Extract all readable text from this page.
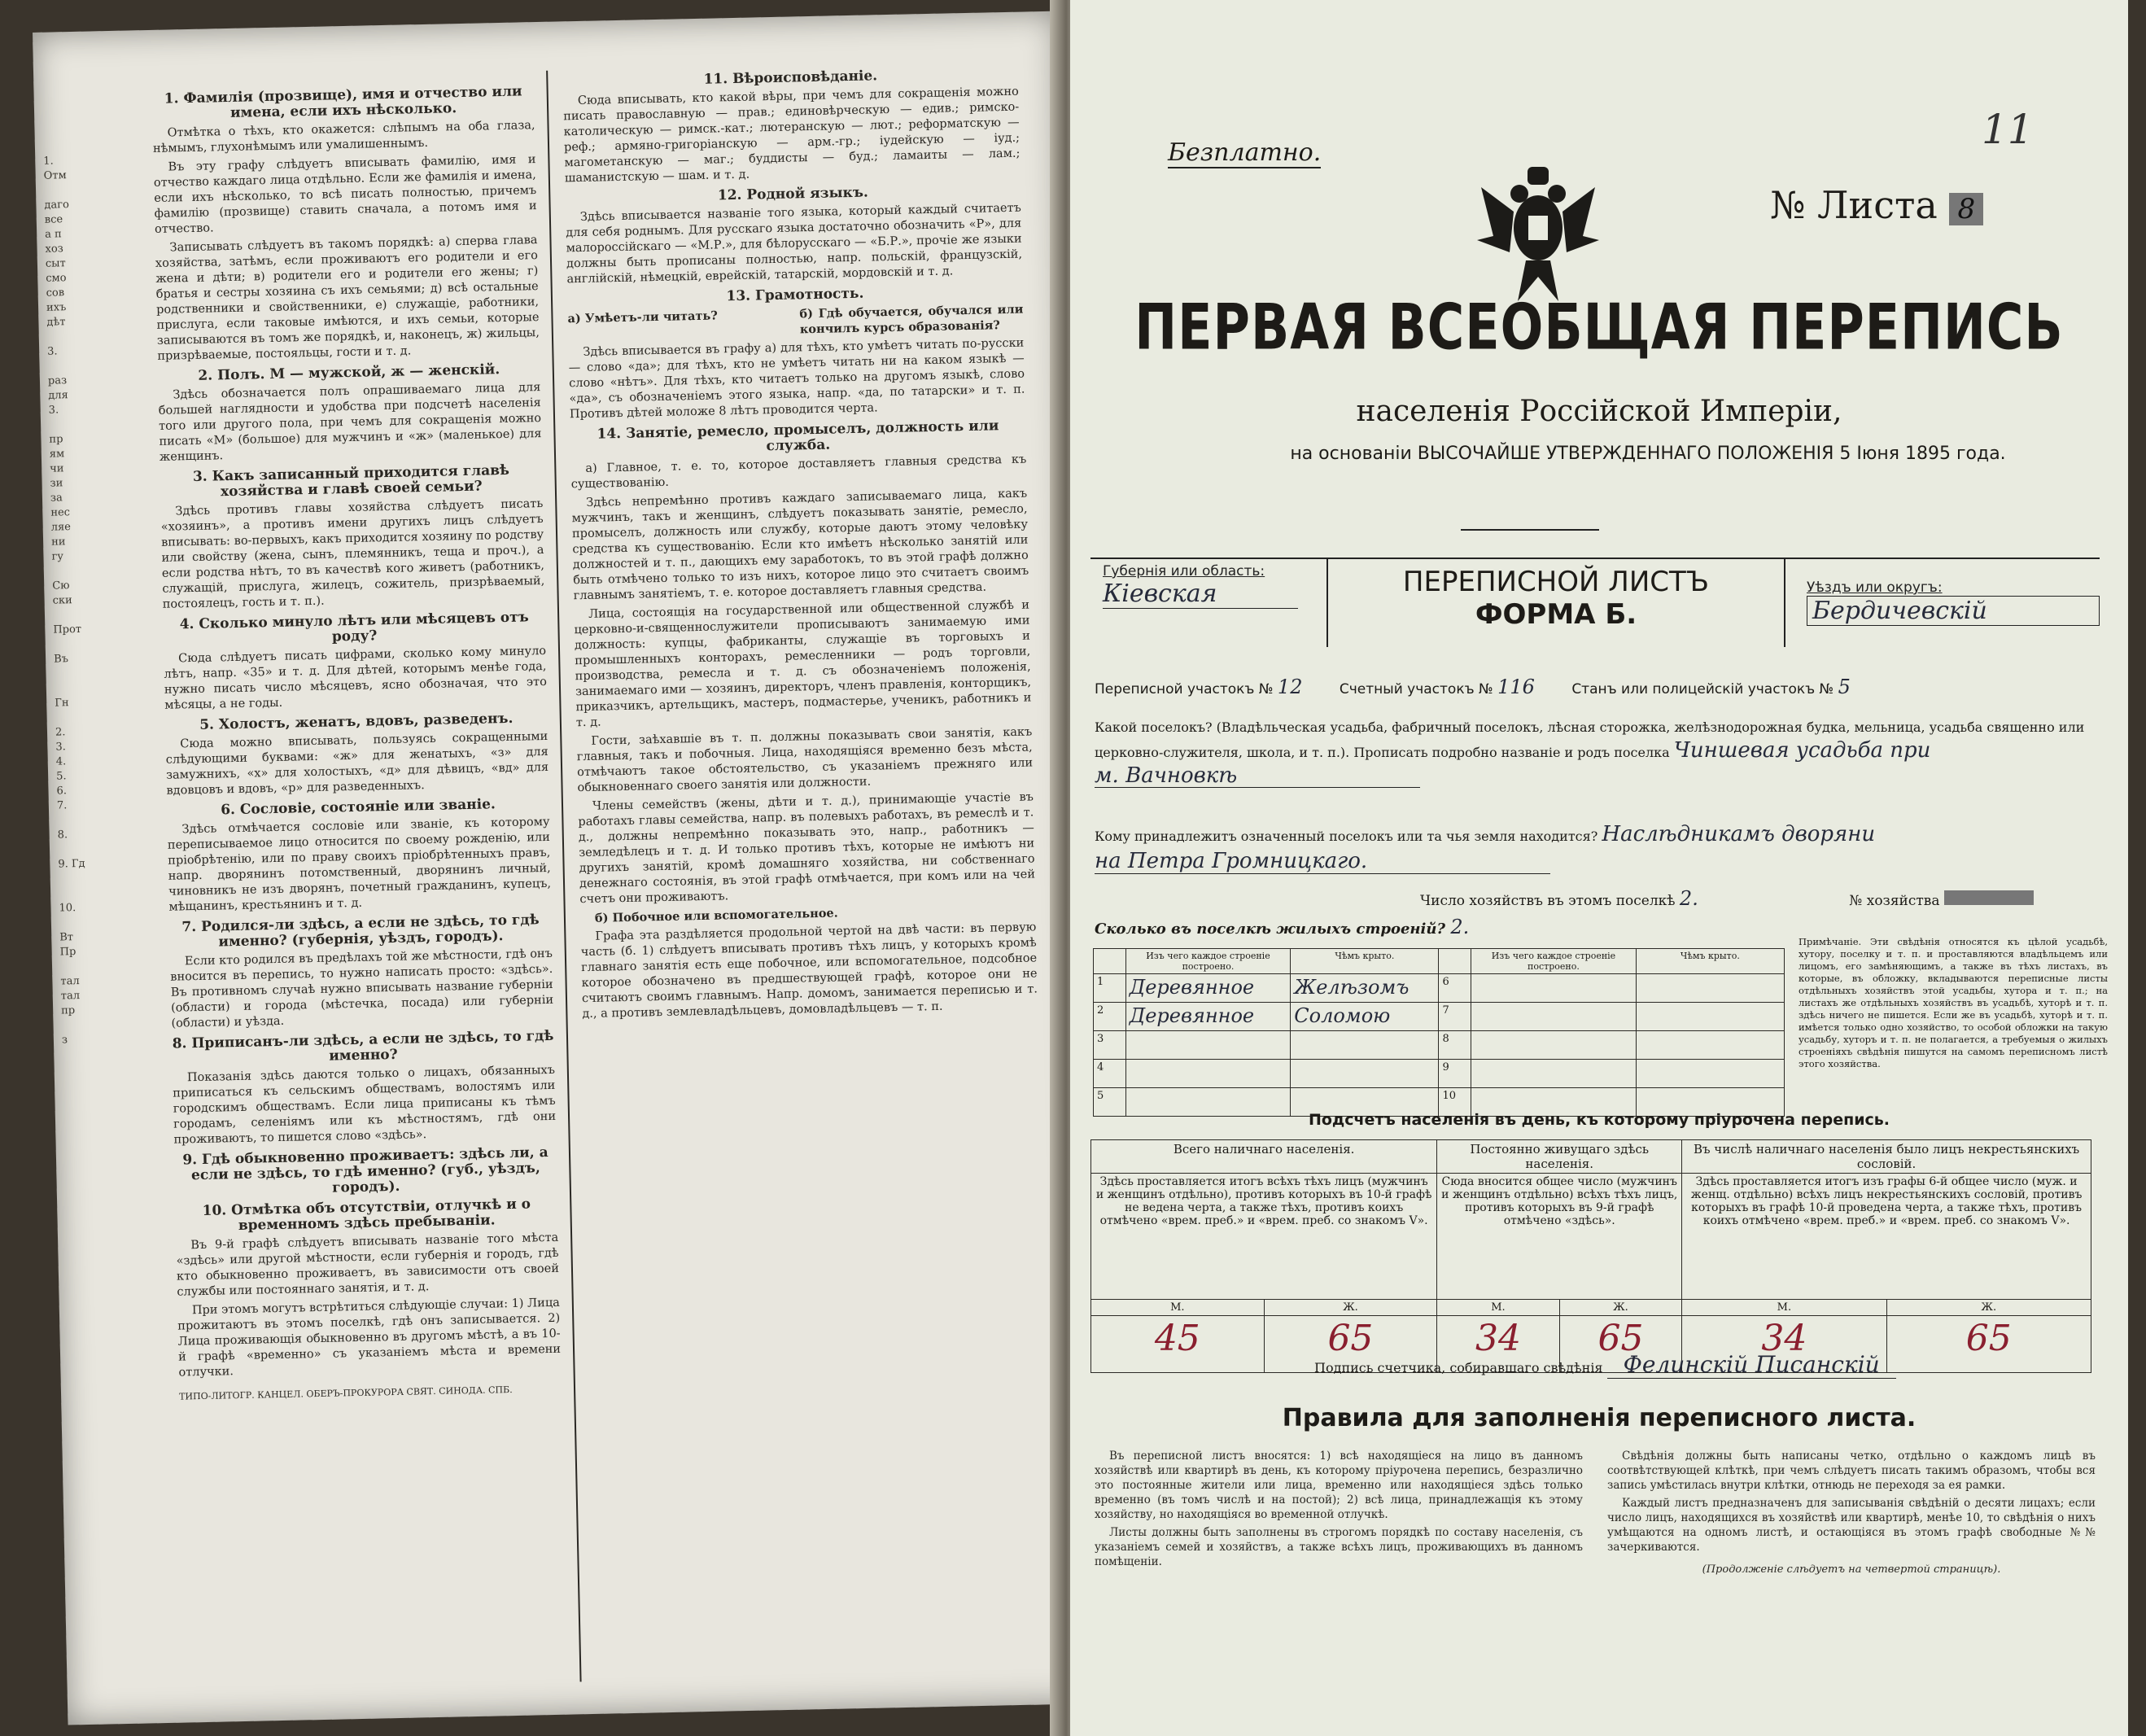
1.
Отм
даго
все
а п
хоз
сыт
смо
сов
ихъ
дѣт
3.
раз
для
3.
пр
ям
чи
зи
за
нес
ляе
ни
гу
Сю
ски
Прот
Въ
Гн
2.
3.
4.
5.
6.
7.
8.
9. Гд
10.
Вт
Пр
тал
тал
пр
з
1. Фамилія (прозвище), имя и отчество или имена, если ихъ нѣсколько.

Отмѣтка о тѣхъ, кто окажется: слѣпымъ на оба глаза, нѣмымъ, глухонѣмымъ или умалишеннымъ.

Въ эту графу слѣдуетъ вписывать фамилію, имя и отчество каждаго лица отдѣльно. Если же фамилія и имена, если ихъ нѣсколько, то всѣ писать полностью, причемъ фамилію (прозвище) ставить сначала, а потомъ имя и отчество.

Записывать слѣдуетъ въ такомъ порядкѣ: а) сперва глава хозяйства, затѣмъ, если проживаютъ его родители и его жена и дѣти; в) родители его и родители его жены; г) братья и сестры хозяина съ ихъ семьями; д) всѣ остальные родственники и свойственники, е) служащіе, работники, прислуга, если таковые имѣются, и ихъ семьи, которые записываются въ томъ же порядкѣ, и, наконецъ, ж) жильцы, призрѣваемые, постояльцы, гости и т. д.

2. Полъ. М — мужской, ж — женскій.

Здѣсь обозначается полъ опрашиваемаго лица для большей наглядности и удобства при подсчетѣ населенія того или другого пола, при чемъ для сокращенія можно писать «М» (большое) для мужчинъ и «ж» (маленькое) для женщинъ.

3. Какъ записанный приходится главѣ хозяйства и главѣ своей семьи?

Здѣсь противъ главы хозяйства слѣдуетъ писать «хозяинъ», а противъ имени другихъ лицъ слѣдуетъ вписывать: во-первыхъ, какъ приходится хозяину по родству или свойству (жена, сынъ, племянникъ, теща и проч.), а если родства нѣтъ, то въ качествѣ кого живетъ (работникъ, служащій, прислуга, жилецъ, сожитель, призрѣваемый, постоялецъ, гость и т. п.).

4. Сколько минуло лѣтъ или мѣсяцевъ отъ роду?

Сюда слѣдуетъ писать цифрами, сколько кому минуло лѣтъ, напр. «35» и т. д. Для дѣтей, которымъ менѣе года, нужно писать число мѣсяцевъ, ясно обозначая, что это мѣсяцы, а не годы.

5. Холостъ, женатъ, вдовъ, разведенъ.

Сюда можно вписывать, пользуясь сокращенными слѣдующими буквами: «ж» для женатыхъ, «з» для замужнихъ, «х» для холостыхъ, «д» для дѣвицъ, «вд» для вдовцовъ и вдовъ, «р» для разведенныхъ.

6. Сословіе, состояніе или званіе.

Здѣсь отмѣчается сословіе или званіе, къ которому переписываемое лицо относится по своему рожденію, или пріобрѣтенію, или по праву своихъ пріобрѣтенныхъ правъ, напр. дворянинъ потомственный, дворянинъ личный, чиновникъ не изъ дворянъ, почетный гражданинъ, купецъ, мѣщанинъ, крестьянинъ и т. д.

7. Родился-ли здѣсь, а если не здѣсь, то гдѣ именно? (губернія, уѣздъ, городъ).

Если кто родился въ предѣлахъ той же мѣстности, гдѣ онъ вносится въ перепись, то нужно написать просто: «здѣсь». Въ противномъ случаѣ нужно вписывать название губерніи (области) и города (мѣстечка, посада) или губерніи (области) и уѣзда.

8. Приписанъ-ли здѣсь, а если не здѣсь, то гдѣ именно?

Показанія здѣсь даются только о лицахъ, обязанныхъ приписаться къ сельскимъ обществамъ, волостямъ или городскимъ обществамъ. Если лица приписаны къ тѣмъ городамъ, селеніямъ или къ мѣстностямъ, гдѣ они проживаютъ, то пишется слово «здѣсь».

9. Гдѣ обыкновенно проживаетъ: здѣсь ли, а если не здѣсь, то гдѣ именно? (губ., уѣздъ, городъ).
10. Отмѣтка объ отсутствіи, отлучкѣ и о временномъ здѣсь пребываніи.

Въ 9-й графѣ слѣдуетъ вписывать названіе того мѣста «здѣсь» или другой мѣстности, если губернія и городъ, гдѣ кто обыкновенно проживаетъ, въ зависимости отъ своей службы или постояннаго занятія, и т. д.

При этомъ могутъ встрѣтиться слѣдующіе случаи: 1) Лица прожитаютъ въ этомъ поселкѣ, гдѣ онъ записывается. 2) Лица проживающія обыкновенно въ другомъ мѣстѣ, а въ 10-й графѣ «временно» съ указаніемъ мѣста и времени отлучки.

ТИПО-ЛИТОГР. КАНЦЕЛ. ОБЕРЪ-ПРОКУРОРА СВЯТ. СИНОДА. СПБ.
11. Вѣроисповѣданіе.

Сюда вписывать, кто какой вѣры, при чемъ для сокращенія можно писать православную — прав.; единовѣрческую — едив.; римско-католическую — римск.-кат.; лютеранскую — лют.; реформатскую — реф.; армяно-григоріанскую — арм.-гр.; іудейскую — іуд.; магометанскую — маг.; буддисты — буд.; ламаиты — лам.; шаманистскую — шам. и т. д.

12. Родной языкъ.

Здѣсь вписывается названіе того языка, который каждый считаетъ для себя роднымъ. Для русскаго языка достаточно обозначить «Р», для малороссійскаго — «М.Р.», для бѣлорусскаго — «Б.Р.», прочіе же языки должны быть прописаны полностью, напр. польскій, французскій, англійскій, нѣмецкій, еврейскій, татарскій, мордовскій и т. д.

13. Грамотность.
а) Умѣетъ-ли читать?	б) Гдѣ обучается, обучался или кончилъ курсъ образованія?

Здѣсь вписывается въ графу а) для тѣхъ, кто умѣетъ читать по-русски — слово «да»; для тѣхъ, кто не умѣетъ читать ни на каком языкѣ — слово «нѣтъ». Для тѣхъ, кто читаетъ только на другомъ языкѣ, слово «да», съ обозначеніемъ этого языка, напр. «да, по татарски» и т. п. Противъ дѣтей моложе 8 лѣтъ проводится черта.

14. Занятіе, ремесло, промыселъ, должность или служба.

а) Главное, т. е. то, которое доставляетъ главныя средства къ существованію.

Здѣсь непремѣнно противъ каждаго записываемаго лица, какъ мужчинъ, такъ и женщинъ, слѣдуетъ показывать занятіе, ремесло, промыселъ, должность или службу, которые даютъ этому человѣку средства къ существованію. Если кто имѣетъ нѣсколько занятій или должностей и т. п., дающихъ ему заработокъ, то въ этой графѣ должно быть отмѣчено только то изъ нихъ, которое лицо это считаетъ своимъ главнымъ занятіемъ, т. е. которое доставляетъ главныя средства.

Лица, состоящія на государственной или общественной службѣ и церковно-и-священнослужители прописываютъ занимаемую ими должность: купцы, фабриканты, служащіе въ торговыхъ и промышленныхъ конторахъ, ремесленники — родъ торговли, производства, ремесла и т. д. съ обозначеніемъ положенія, занимаемаго ими — хозяинъ, директоръ, членъ правленія, конторщикъ, приказчикъ, артельщикъ, мастеръ, подмастерье, ученикъ, работникъ и т. д.

Гости, заѣхавшіе въ т. п. должны показывать свои занятія, какъ главныя, такъ и побочныя. Лица, находящіяся временно безъ мѣста, отмѣчаютъ такое обстоятельство, съ указаніемъ прежняго или обыкновеннаго своего занятія или должности.

Члены семействъ (жены, дѣти и т. д.), принимающіе участіе въ работахъ главы семейства, напр. въ полевыхъ работахъ, въ ремеслѣ и т. д., должны непремѣнно показывать это, напр., работникъ — земледѣлецъ и т. д. И только противъ тѣхъ, которые не имѣютъ ни другихъ занятій, кромѣ домашняго хозяйства, ни собственнаго денежнаго состоянія, въ этой графѣ отмѣчается, при комъ или на чей счетъ они проживаютъ.

б) Побочное или вспомогательное.

Графа эта раздѣляется продольной чертой на двѣ части: въ первую часть (б. 1) слѣдуетъ вписывать противъ тѣхъ лицъ, у которыхъ кромѣ главнаго занятія есть еще побочное, или вспомогательное, подсобное которое обозначено въ предшествующей графѣ, которое они не считаютъ своимъ главнымъ. Напр. домомъ, занимается переписью и т. д., а противъ землевладѣльцевъ, домовладѣльцевъ — т. п.

Безплатно.	11
№ Листа 8
ПЕРВАЯ ВСЕОБЩАЯ ПЕРЕПИСЬ
населенія Россійской Имперіи,
на основаніи ВЫСОЧАЙШЕ УТВЕРЖДЕННАГО ПОЛОЖЕНІЯ 5 Іюня 1895 года.
Губернія или область:
Кіевская	ПЕРЕПИСНОЙ ЛИСТЪ
ФОРМА Б.
Уѣздъ или округъ:
Бердичевскій
Переписной участокъ № 12	Счетный участокъ № 116	Станъ или полицейскій участокъ № 5
Какой поселокъ? (Владѣльческая усадьба, фабричный поселокъ, лѣсная сторожка, желѣзнодорожная будка, мельница, усадьба священно или церковно-служителя, школа, и т. п.). Прописать подробно названіе и родъ поселка Чиншевая усадьба при
м. Вачновкѣ
Кому принадлежитъ означенный поселокъ или та чья земля находится? Наслѣдникамъ дворяни
на Петра Громницкаго.
Число хозяйствъ въ этомъ поселкѣ 2.	№ хозяйства
Сколько въ поселкѣ жилыхъ строеній? 2.
	Изъ чего каждое строеніе построено.	Чѣмъ крыто.		Изъ чего каждое строеніе построено.	Чѣмъ крыто.
1	Деревянное	Желѣзомъ	6		
2	Деревянное	Соломою	7		
3			8		
4			9		
5			10		
Примѣчаніе. Эти свѣдѣнія относятся къ цѣлой усадьбѣ, хутору, поселку и т. п. и проставляются владѣльцемъ или лицомъ, его замѣняющимъ, а также въ тѣхъ листахъ, въ которые, въ обложку, вкладываются переписные листы отдѣльныхъ хозяйствъ этой усадьбы, хутора и т. п.; на листахъ же отдѣльныхъ хозяйствъ въ усадьбѣ, хуторѣ и т. п. здѣсь ничего не пишется. Если же въ усадьбѣ, хуторѣ и т. п. имѣется только одно хозяйство, то особой обложки на такую усадьбу, хуторъ и т. п. не полагается, а требуемыя о жилыхъ строеніяхъ свѣдѣнія пишутся на самомъ переписномъ листѣ этого хозяйства.
Подсчетъ населенія въ день, къ которому пріурочена перепись.
Всего наличнаго населенія.		Постоянно живущаго здѣсь населенія.		Въ числѣ наличнаго населенія было лицъ некрестьянскихъ сословій.	
Здѣсь проставляется итогъ всѣхъ тѣхъ лицъ (мужчинъ и женщинъ отдѣльно), противъ которыхъ въ 10-й графѣ не ведена черта, а также тѣхъ, противъ коихъ отмѣчено «врем. преб.» и «врем. преб. со знакомъ V».		Сюда вносится общее число (мужчинъ и женщинъ отдѣльно) всѣхъ тѣхъ лицъ, противъ которыхъ въ 9-й графѣ отмѣчено «здѣсь».		Здѣсь проставляется итогъ изъ графы 6-й общее число (муж. и женщ. отдѣльно) всѣхъ лицъ некрестьянскихъ сословій, противъ которыхъ въ графѣ 10-й проведена черта, а также тѣхъ, противъ коихъ отмѣчено «врем. преб.» и «врем. преб. со знакомъ V».	
М.	Ж.	М.	Ж.	М.	Ж.
45	65	34	65	34	65
Подпись счетчика, собиравшаго свѣдѣнія Фелинскій Писанскій
Правила для заполненія переписного листа.

Въ переписной листъ вносятся: 1) всѣ находящіеся на лицо въ данномъ хозяйствѣ или квартирѣ въ день, къ которому пріурочена перепись, безразлично это постоянные жители или лица, временно или находящіеся здѣсь только временно (въ томъ числѣ и на постой); 2) всѣ лица, принадлежащія къ этому хозяйству, но находящіяся во временной отлучкѣ.

Листы должны быть заполнены въ строгомъ порядкѣ по составу населенія, съ указаніемъ семей и хозяйствъ, а также всѣхъ лицъ, проживающихъ въ данномъ помѣщеніи.

Свѣдѣнія должны быть написаны четко, отдѣльно о каждомъ лицѣ въ соотвѣтствующей клѣткѣ, при чемъ слѣдуетъ писать такимъ образомъ, чтобы вся запись умѣстилась внутри клѣтки, отнюдь не переходя за ея рамки.

Каждый листъ предназначенъ для записыванія свѣдѣній о десяти лицахъ; если число лицъ, находящихся въ хозяйствѣ или квартирѣ, менѣе 10, то свѣдѣнія о нихъ умѣщаются на одномъ листѣ, и остающіяся въ этомъ графѣ свободные №№ зачеркиваются.

(Продолженіе слѣдуетъ на четвертой страницѣ).
